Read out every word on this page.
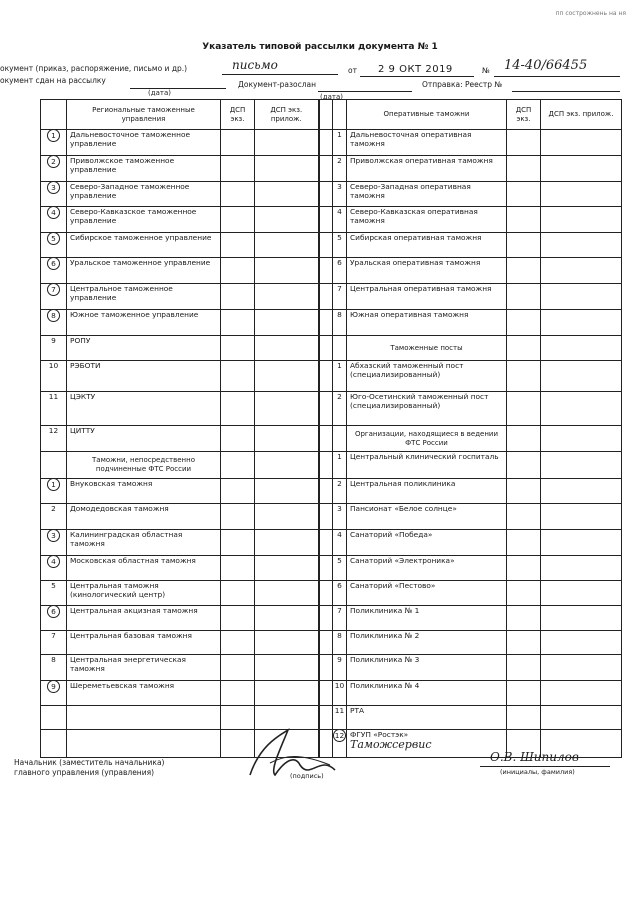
пп сострожнень на ня
Указатель типовой рассылки документа № 1
окумент (приказ, распоряжение, письмо и др.)	письмо	от 2 9 ОКТ 2019	№ 14-40/66455
окумент сдан на рассылку
(дата)
Документ-разослан
(дата)
Отправка: Реестр №
	Региональные таможенные управления	ДСП экз.	ДСП экз. прилож.			Оперативные таможни	ДСП экз.	ДСП экз. прилож.
1	Дальневосточное таможенное управление				1	Дальневосточная оперативная таможня		

2	Приволжское таможенное управление				2	Приволжская оперативная таможня		

3	Северо-Западное таможенное управление				3	Северо-Западная оперативная таможня		

4	Северо-Кавказское таможенное управление				4	Северо-Кавказская оперативная таможня		

5	Сибирское таможенное управление				5	Сибирская оперативная таможня		

6	Уральское таможенное управление				6	Уральская оперативная таможня		

7	Центральное таможенное управление				7	Центральная оперативная таможня		

8	Южное таможенное управление				8	Южная оперативная таможня		

9	РОПУ					Таможенные посты		

10	РЭБОТИ				1	Абхазский таможенный пост (специализированный)		

11	ЦЭКТУ				2	Юго-Осетинский таможенный пост (специализированный)		

12	ЦИТТУ					Организации, находящиеся в ведении ФТС России		

	Таможни, непосредственно подчиненные ФТС России				1	Центральный клинический госпиталь		

1	Внуковская таможня				2	Центральная поликлиника		

2	Домодедовская таможня				3	Пансионат «Белое солнце»		

3	Калининградская областная таможня				4	Санаторий «Победа»		

4	Московская областная таможня				5	Санаторий «Электроника»		

5	Центральная таможня (кинологический центр)				6	Санаторий «Пестово»		

6	Центральная акцизная таможня				7	Поликлиника № 1		

7	Центральная базовая таможня				8	Поликлиника № 2		

8	Центральная энергетическая таможня				9	Поликлиника № 3		

9	Шереметьевская таможня				10	Поликлиника № 4		

					11	РТА		

					12	ФГУП «Ростэк»
Таможсервис		

Начальник (заместитель начальника)
главного управления (управления)	(подпись)
О.В. Шипилов
(инициалы, фамилия)
